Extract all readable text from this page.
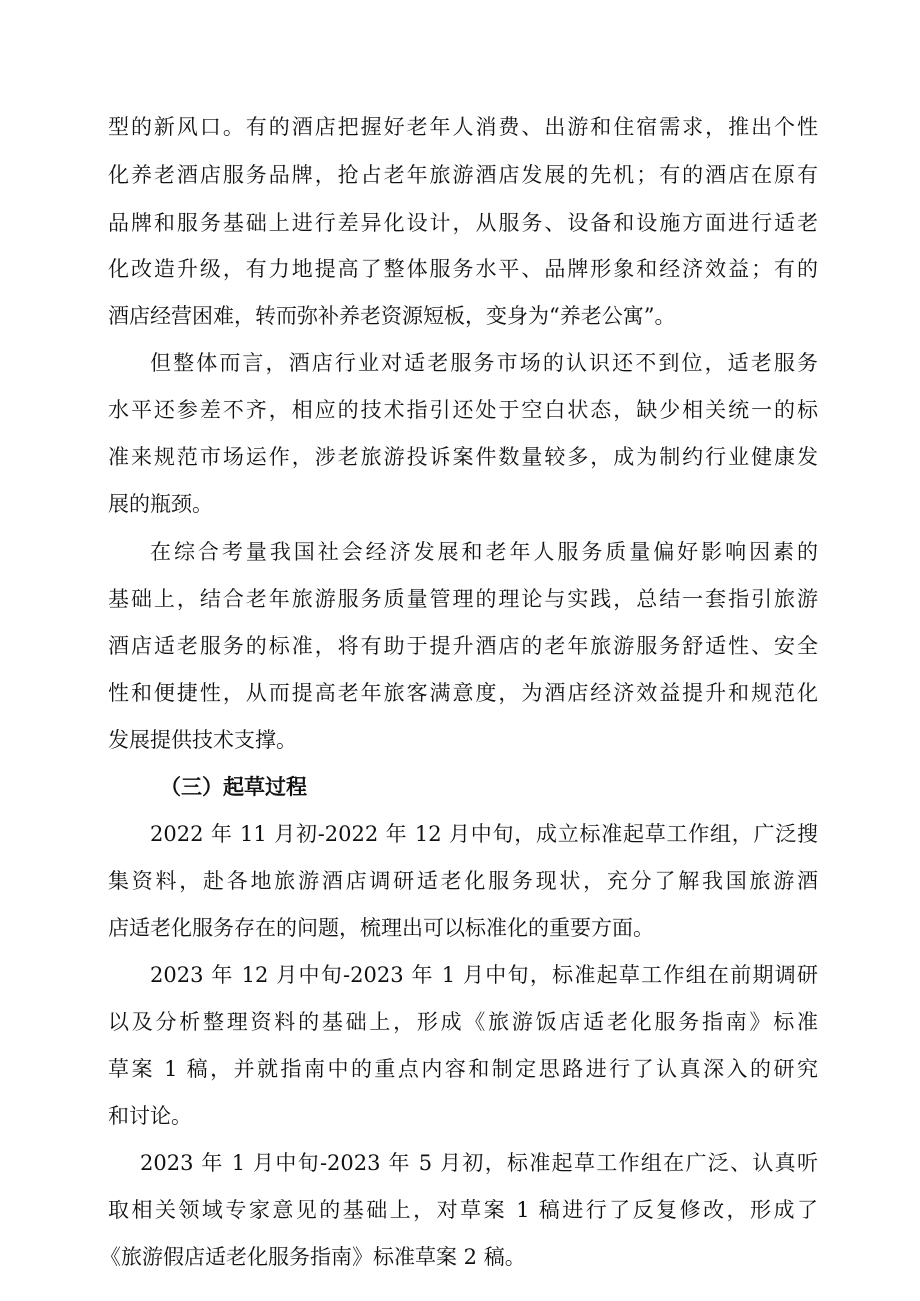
型的新风口。有的酒店把握好老年人消费、出游和住宿需求，推出个性
化养老酒店服务品牌，抢占老年旅游酒店发展的先机；有的酒店在原有
品牌和服务基础上进行差异化设计，从服务、设备和设施方面进行适老
化改造升级，有力地提高了整体服务水平、品牌形象和经济效益；有的
酒店经营困难，转而弥补养老资源短板，变身为“养老公寓”。
但整体而言，酒店行业对适老服务市场的认识还不到位，适老服务
水平还参差不齐，相应的技术指引还处于空白状态，缺少相关统一的标
准来规范市场运作，涉老旅游投诉案件数量较多，成为制约行业健康发
展的瓶颈。
在综合考量我国社会经济发展和老年人服务质量偏好影响因素的
基础上，结合老年旅游服务质量管理的理论与实践，总结一套指引旅游
酒店适老服务的标准，将有助于提升酒店的老年旅游服务舒适性、安全
性和便捷性，从而提高老年旅客满意度，为酒店经济效益提升和规范化
发展提供技术支撑。
（三）起草过程
2022 年 11 月初-2022 年 12 月中旬，成立标准起草工作组，广泛搜
集资料，赴各地旅游酒店调研适老化服务现状，充分了解我国旅游酒
店适老化服务存在的问题，梳理出可以标准化的重要方面。
2023 年 12 月中旬-2023 年 1 月中旬，标准起草工作组在前期调研
以及分析整理资料的基础上，形成《旅游饭店适老化服务指南》标准
草案 1 稿，并就指南中的重点内容和制定思路进行了认真深入的研究
和讨论。
2023 年 1 月中旬-2023 年 5 月初，标准起草工作组在广泛、认真听
取相关领域专家意见的基础上，对草案 1 稿进行了反复修改，形成了
《旅游假店适老化服务指南》标准草案 2 稿。
